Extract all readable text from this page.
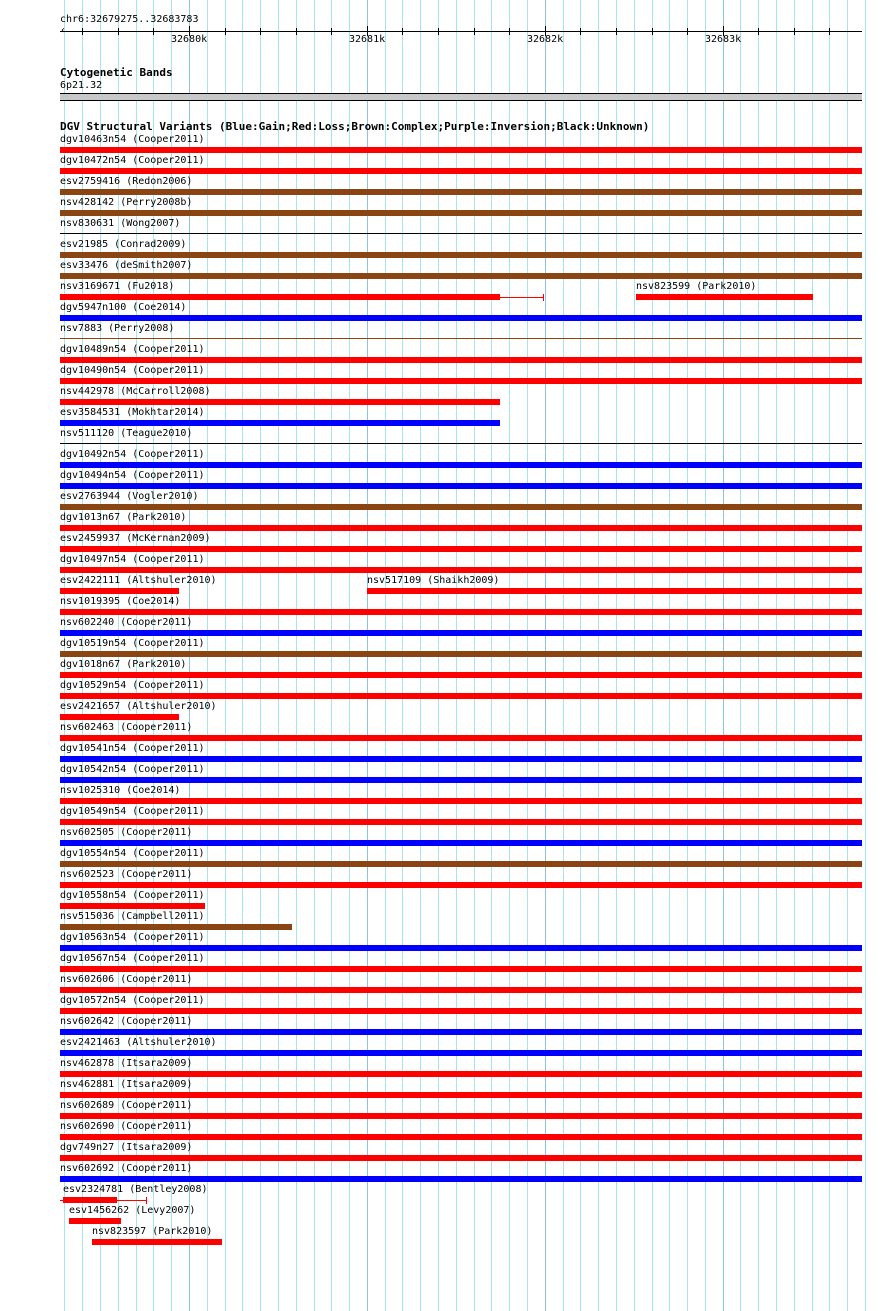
chr6:32679275..32683783
‹
32680k	32681k	32682k	32683k
Cytogenetic Bands
6p21.32
DGV Structural Variants (Blue:Gain;Red:Loss;Brown:Complex;Purple:Inversion;Black:Unknown)
dgv10463n54 (Cooper2011)
dgv10472n54 (Cooper2011)
esv2759416 (Redon2006)
nsv428142 (Perry2008b)
nsv830631 (Wong2007)
esv21985 (Conrad2009)
esv33476 (deSmith2007)
nsv3169671 (Fu2018)	nsv823599 (Park2010)
dgv5947n100 (Coe2014)
nsv7883 (Perry2008)
dgv10489n54 (Cooper2011)
dgv10490n54 (Cooper2011)
nsv442978 (McCarroll2008)
esv3584531 (Mokhtar2014)
nsv511120 (Teague2010)
dgv10492n54 (Cooper2011)
dgv10494n54 (Cooper2011)
esv2763944 (Vogler2010)
dgv1013n67 (Park2010)
esv2459937 (McKernan2009)
dgv10497n54 (Cooper2011)
esv2422111 (Altshuler2010)	nsv517109 (Shaikh2009)
nsv1019395 (Coe2014)
nsv602240 (Cooper2011)
dgv10519n54 (Cooper2011)
dgv1018n67 (Park2010)
dgv10529n54 (Cooper2011)
esv2421657 (Altshuler2010)
nsv602463 (Cooper2011)
dgv10541n54 (Cooper2011)
dgv10542n54 (Cooper2011)
nsv1025310 (Coe2014)
dgv10549n54 (Cooper2011)
nsv602505 (Cooper2011)
dgv10554n54 (Cooper2011)
nsv602523 (Cooper2011)
dgv10558n54 (Cooper2011)
nsv515036 (Campbell2011)
dgv10563n54 (Cooper2011)
dgv10567n54 (Cooper2011)
nsv602606 (Cooper2011)
dgv10572n54 (Cooper2011)
nsv602642 (Cooper2011)
esv2421463 (Altshuler2010)
nsv462878 (Itsara2009)
nsv462881 (Itsara2009)
nsv602689 (Cooper2011)
nsv602690 (Cooper2011)
dgv749n27 (Itsara2009)
nsv602692 (Cooper2011)
esv2324781 (Bentley2008)
esv1456262 (Levy2007)
nsv823597 (Park2010)
